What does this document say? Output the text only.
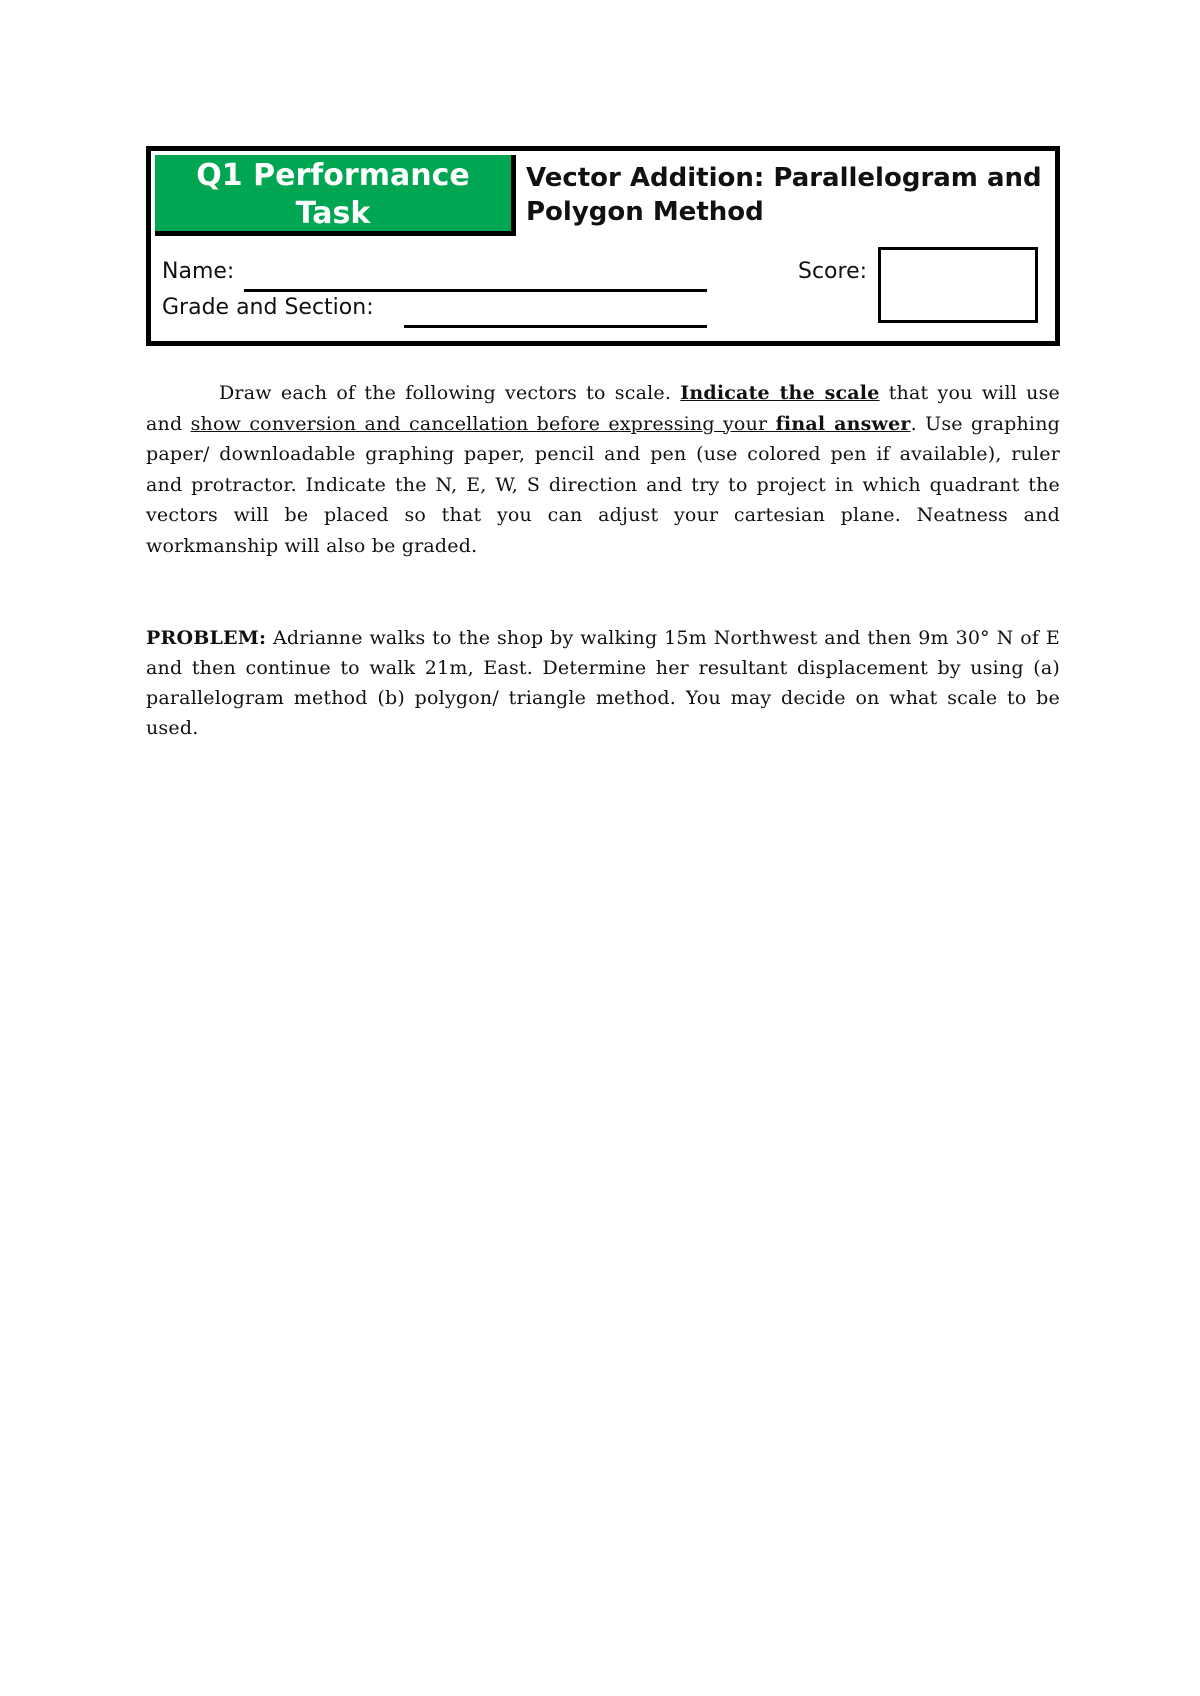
Q1 Performance
Task
Vector Addition: Parallelogram and
Polygon Method
Name:
Grade and Section:
Score:

Draw each of the following vectors to scale. Indicate the scale that you will use and show conversion and cancellation before expressing your final answer. Use graphing paper/ downloadable graphing paper, pencil and pen (use colored pen if available), ruler and protractor. Indicate the N, E, W, S direction and try to project in which quadrant the vectors will be placed so that you can adjust your cartesian plane. Neatness and workmanship will also be graded.

PROBLEM: Adrianne walks to the shop by walking 15m Northwest and then 9m 30° N of E and then continue to walk 21m, East. Determine her resultant displacement by using (a) parallelogram method (b) polygon/ triangle method. You may decide on what scale to be used.
